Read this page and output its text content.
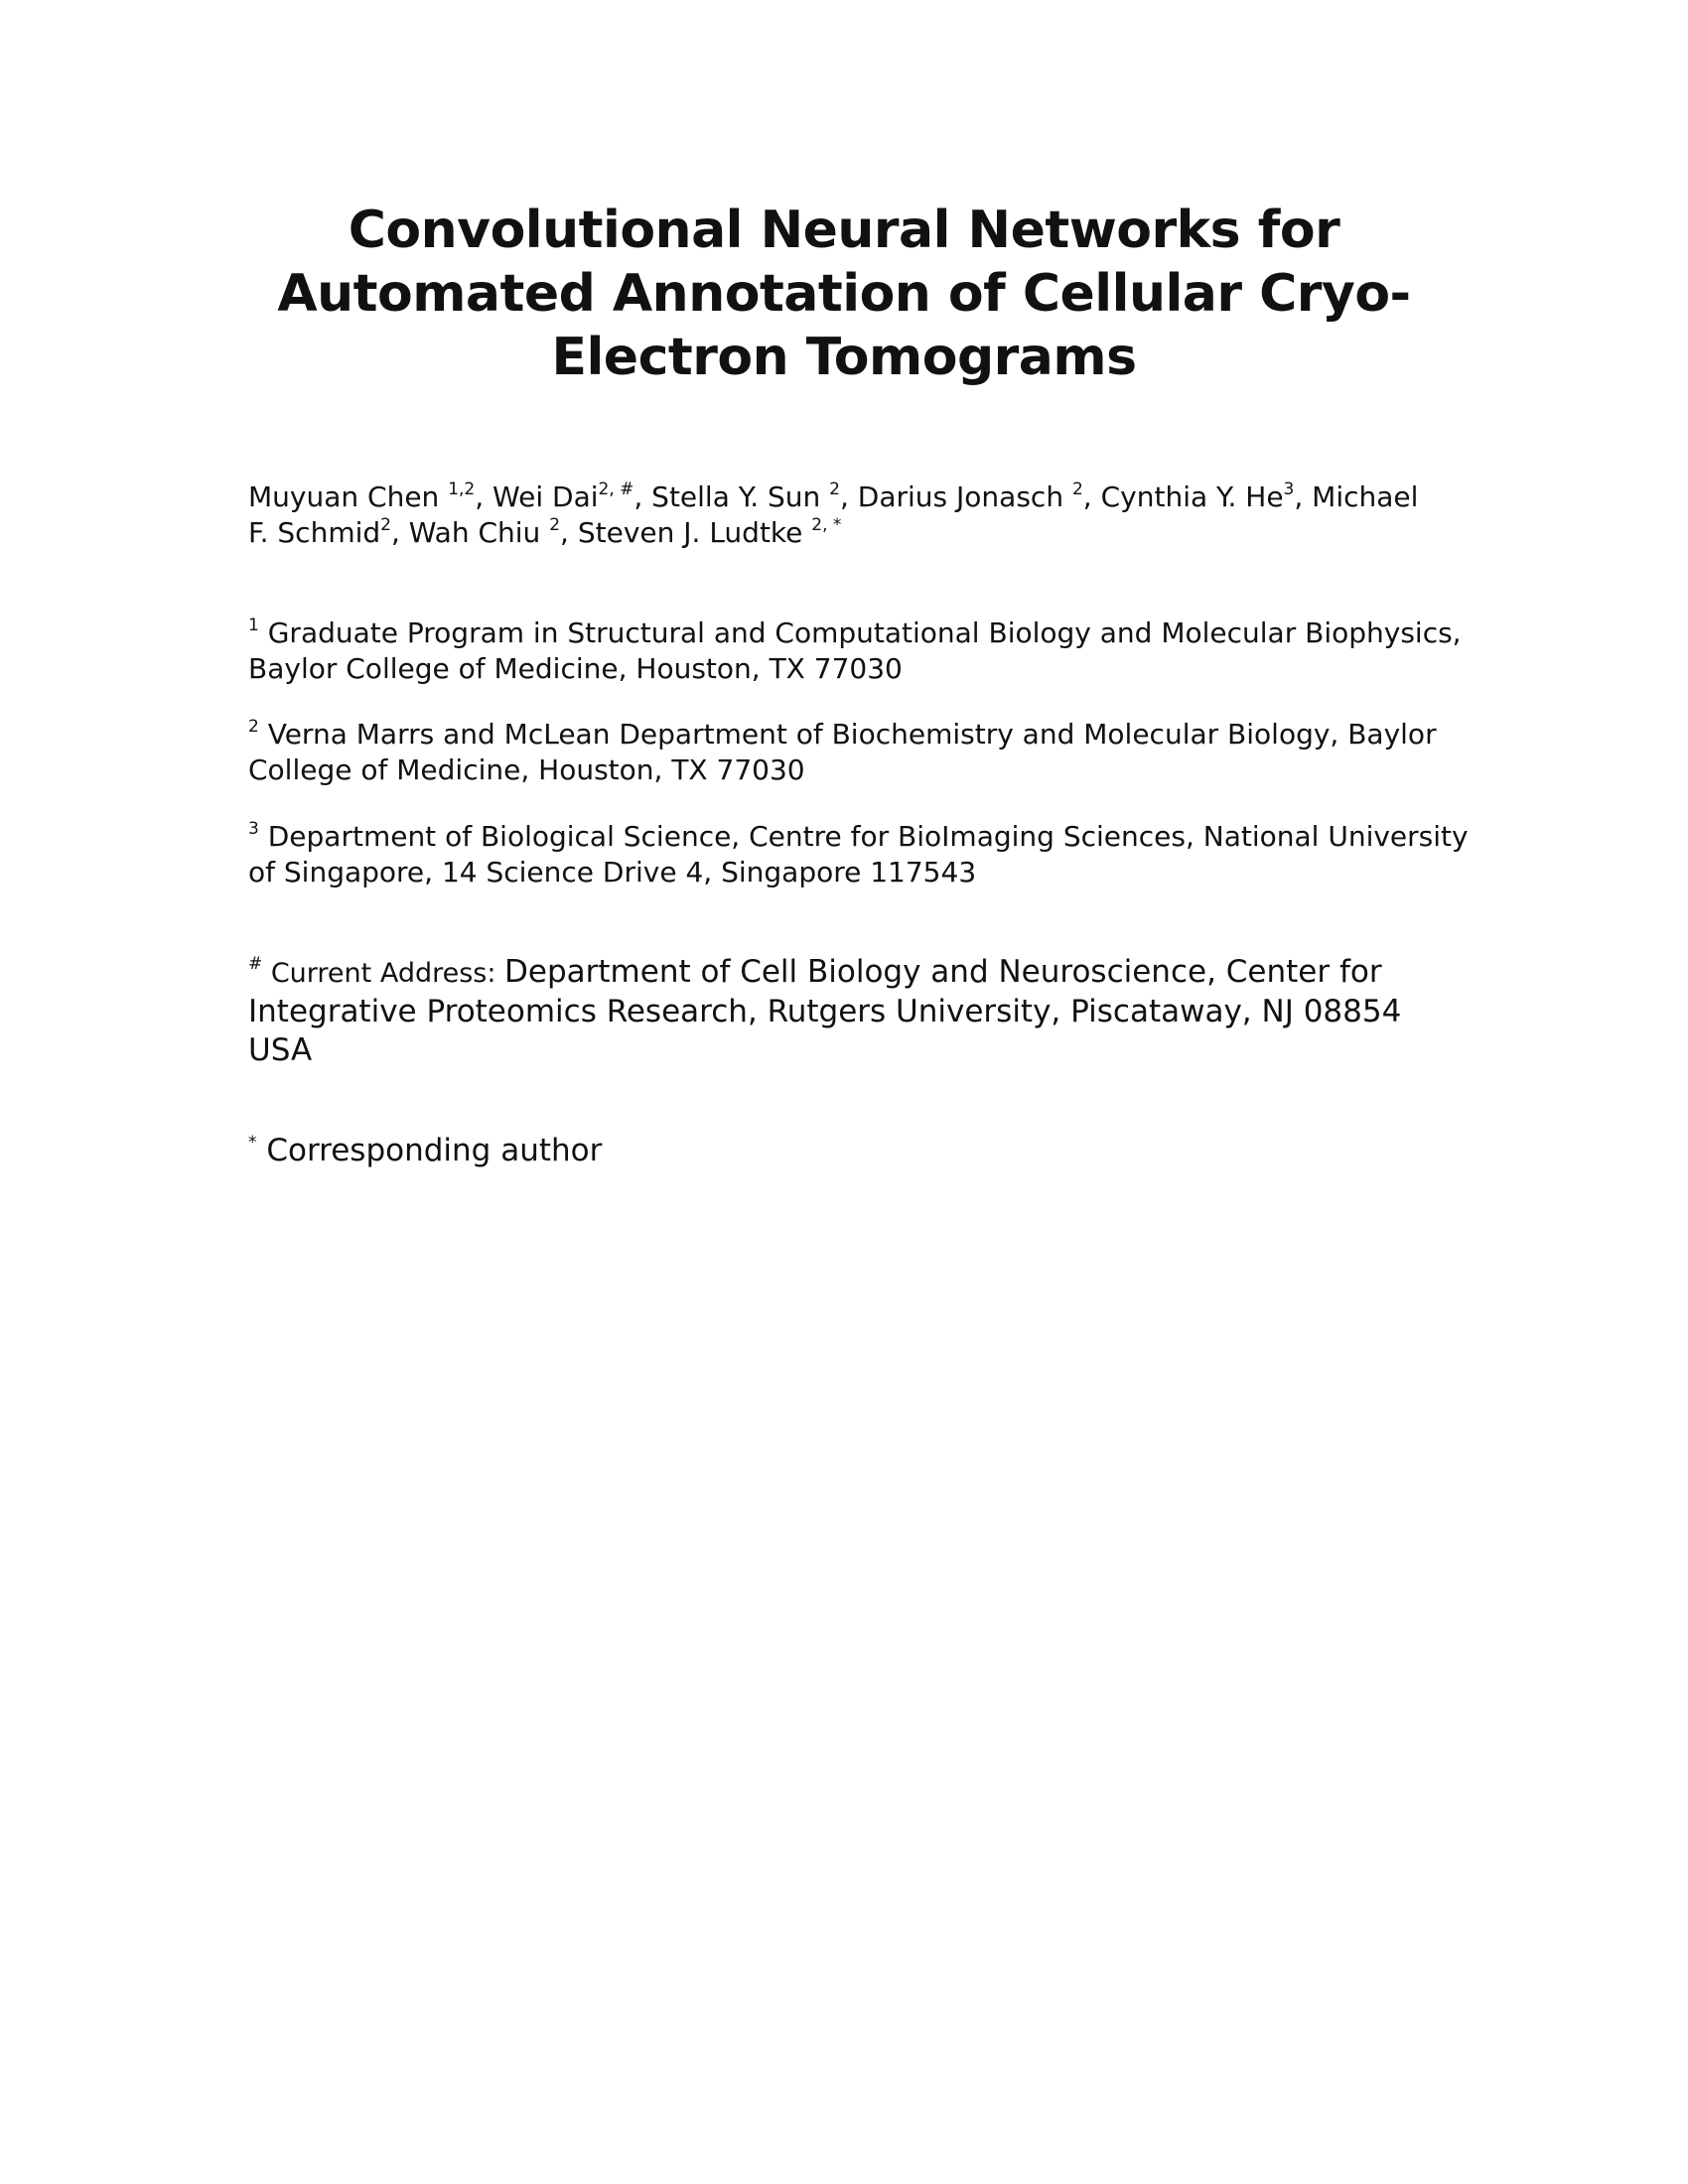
Convolutional Neural Networks for
Automated Annotation of Cellular Cryo-
Electron Tomograms

Muyuan Chen $^{1,2}$, Wei Dai$^{2, \#}$, Stella Y. Sun $^2$, Darius Jonasch $^2$, Cynthia Y. He$^3$, Michael
F. Schmid$^2$, Wah Chiu $^2$, Steven J. Ludtke $^{2, *}$

$^1$ Graduate Program in Structural and Computational Biology and Molecular Biophysics,
Baylor College of Medicine, Houston, TX 77030

$^2$ Verna Marrs and McLean Department of Biochemistry and Molecular Biology, Baylor
College of Medicine, Houston, TX 77030

$^3$ Department of Biological Science, Centre for BioImaging Sciences, National University
of Singapore, 14 Science Drive 4, Singapore 117543

# Current Address: Department of Cell Biology and Neuroscience, Center for
Integrative Proteomics Research, Rutgers University, Piscataway, NJ 08854
USA

* Corresponding author
